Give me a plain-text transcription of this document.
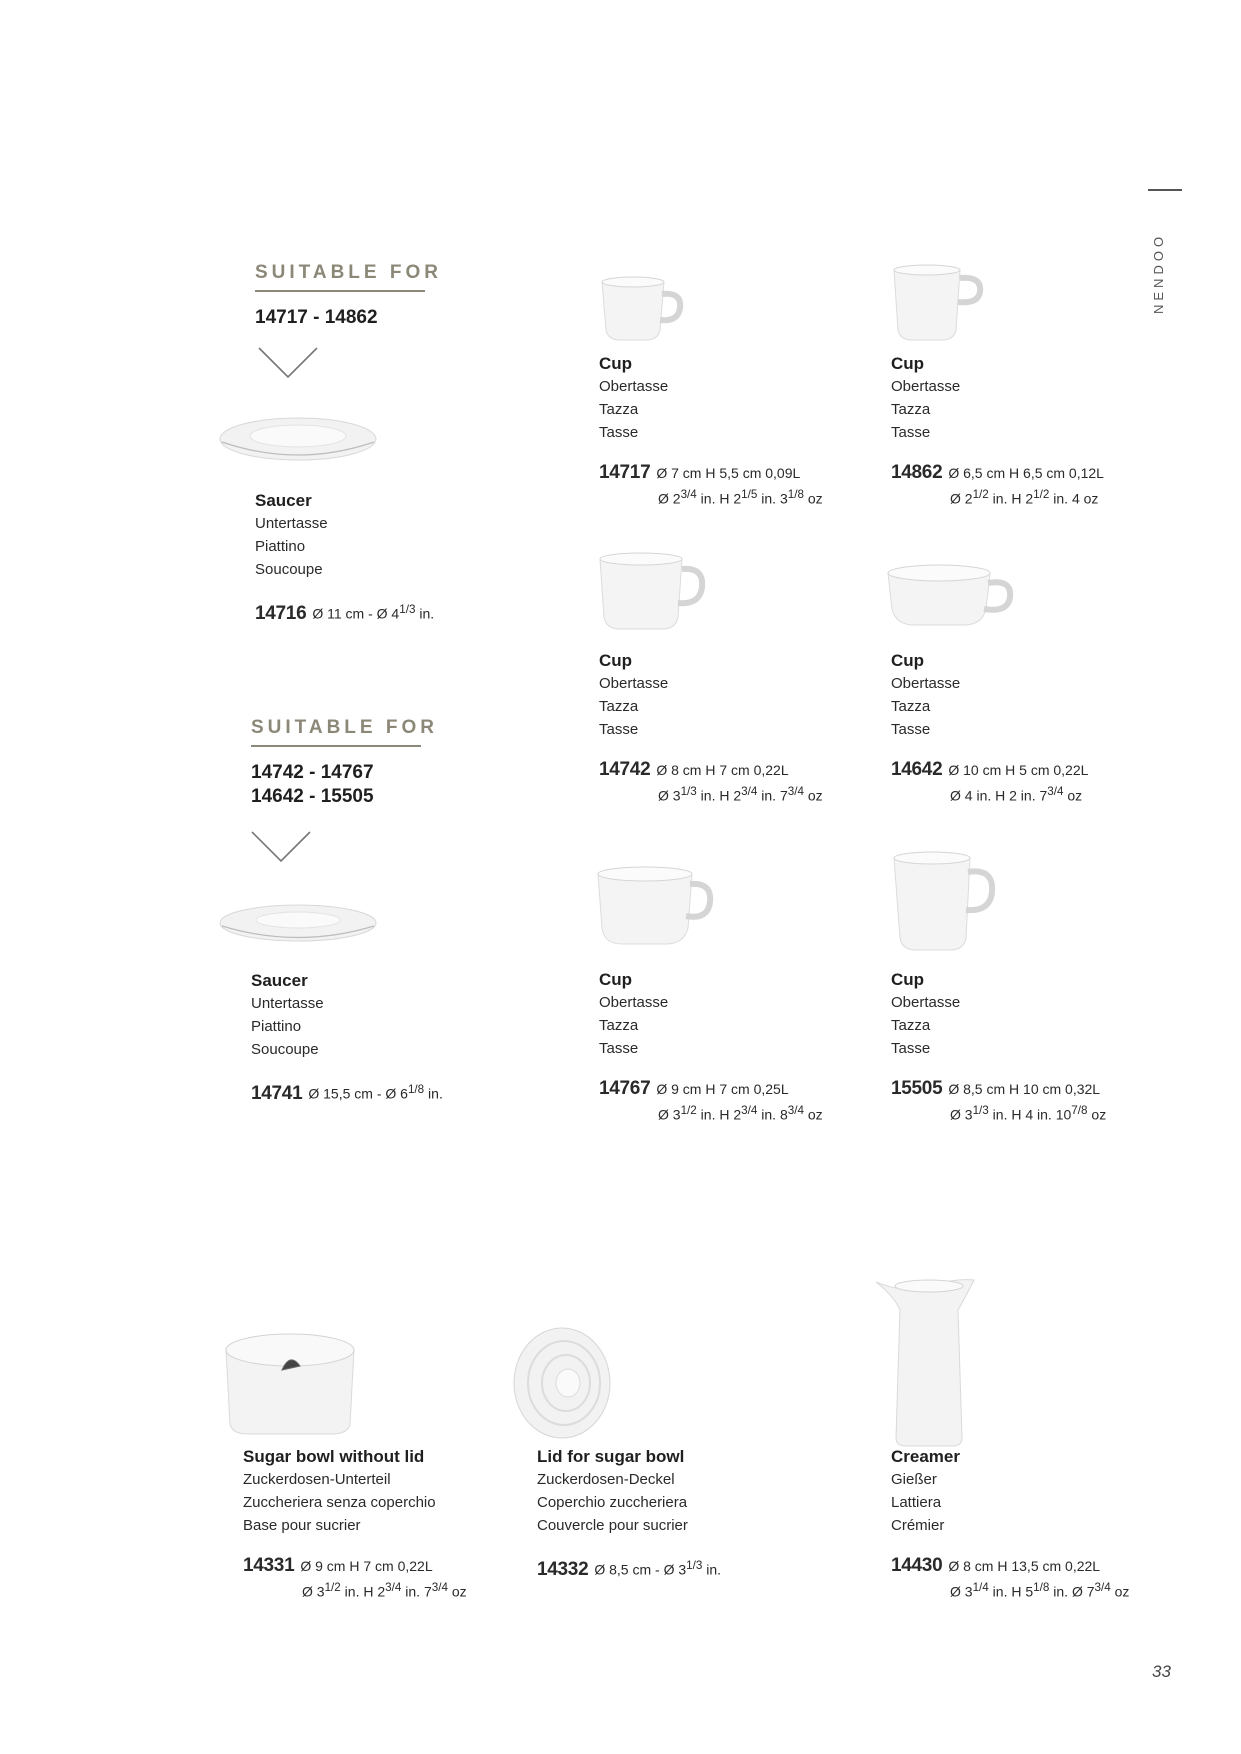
NENDOO
SUITABLE FOR
14717 - 14862
Saucer
Untertasse
Piattino
Soucoupe
14716 Ø 11 cm - Ø $4^{1/3}$ in.
SUITABLE FOR
14742 - 14767
14642 - 15505
Saucer
Untertasse
Piattino
Soucoupe
14741 Ø 15,5 cm - Ø $6^{1/8}$ in.
Cup
Obertasse
Tazza
Tasse
14717 Ø 7 cm H 5,5 cm 0,09L
Ø $2^{3/4}$ in. H $2^{1/5}$ in. $3^{1/8}$ oz
Cup
Obertasse
Tazza
Tasse
14862 Ø 6,5 cm H 6,5 cm 0,12L
Ø $2^{1/2}$ in. H $2^{1/2}$ in. 4 oz
Cup
Obertasse
Tazza
Tasse
14742 Ø 8 cm H 7 cm 0,22L
Ø $3^{1/3}$ in. H $2^{3/4}$ in. $7^{3/4}$ oz
Cup
Obertasse
Tazza
Tasse
14642 Ø 10 cm H 5 cm 0,22L
Ø 4 in. H 2 in. $7^{3/4}$ oz
Cup
Obertasse
Tazza
Tasse
14767 Ø 9 cm H 7 cm 0,25L
Ø $3^{1/2}$ in. H $2^{3/4}$ in. $8^{3/4}$ oz
Cup
Obertasse
Tazza
Tasse
15505 Ø 8,5 cm H 10 cm 0,32L
Ø $3^{1/3}$ in. H 4 in. $10^{7/8}$ oz
Sugar bowl without lid
Zuckerdosen-Unterteil
Zuccheriera senza coperchio
Base pour sucrier
14331 Ø 9 cm H 7 cm 0,22L
Ø $3^{1/2}$ in. H $2^{3/4}$ in. $7^{3/4}$ oz
Lid for sugar bowl
Zuckerdosen-Deckel
Coperchio zuccheriera
Couvercle pour sucrier
14332 Ø 8,5 cm - Ø $3^{1/3}$ in.
Creamer
Gießer
Lattiera
Crémier
14430 Ø 8 cm H 13,5 cm 0,22L
Ø $3^{1/4}$ in. H $5^{1/8}$ in. Ø $7^{3/4}$ oz
33
